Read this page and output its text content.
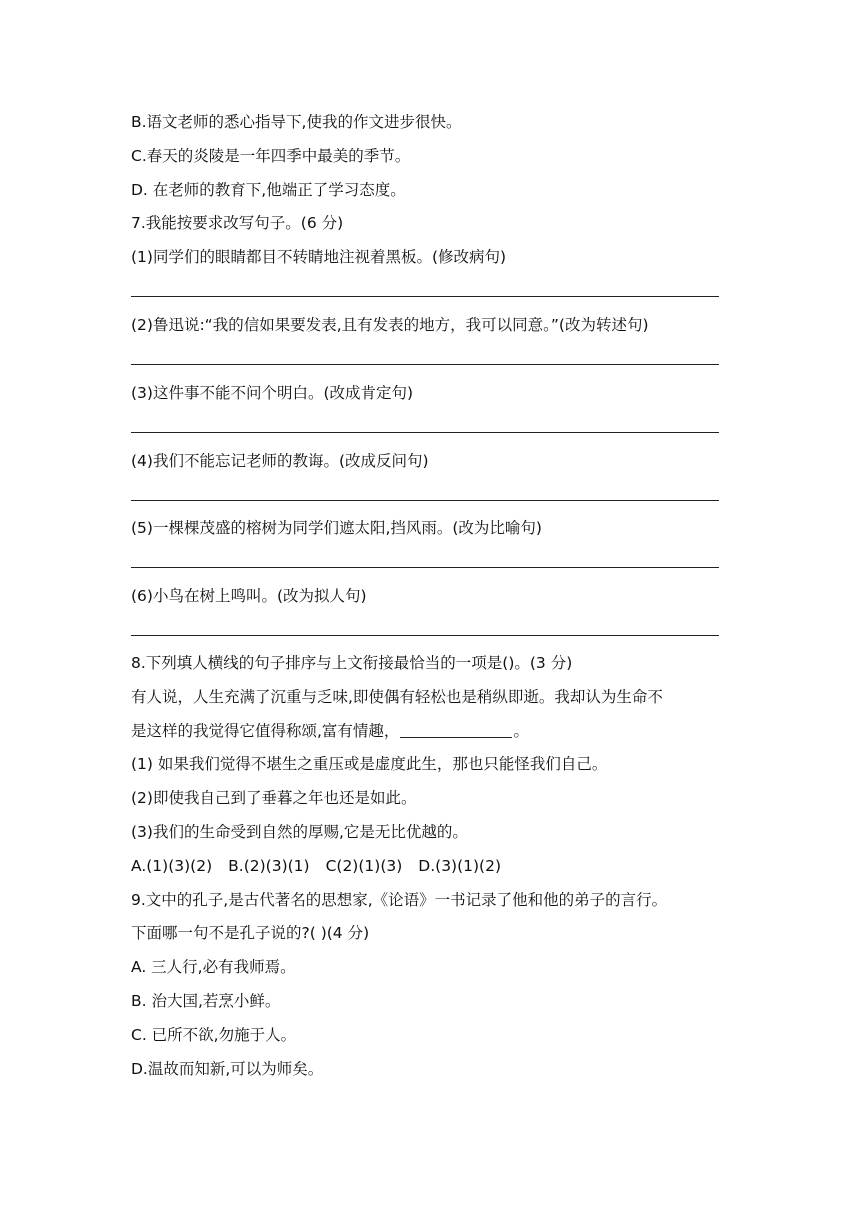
B.语文老师的悉心指导下,使我的作文进步很快。
C.春天的炎陵是一年四季中最美的季节。
D. 在老师的教育下,他端正了学习态度。
7.我能按要求改写句子。(6 分)
(1)同学们的眼睛都目不转睛地注视着黑板。(修改病句)
(2)鲁迅说:“我的信如果要发表,且有发表的地方，我可以同意。”(改为转述句)
(3)这件事不能不问个明白。(改成肯定句)
(4)我们不能忘记老师的教诲。(改成反问句)
(5)一棵棵茂盛的榕树为同学们遮太阳,挡风雨。(改为比喻句)
(6)小鸟在树上鸣叫。(改为拟人句)
8.下列填人横线的句子排序与上文衔接最恰当的一项是()。(3 分)
有人说，人生充满了沉重与乏味,即使偶有轻松也是稍纵即逝。我却认为生命不
是这样的我觉得它值得称颂,富有情趣，	。
(1) 如果我们觉得不堪生之重压或是虚度此生，那也只能怪我们自己。
(2)即使我自己到了垂暮之年也还是如此。
(3)我们的生命受到自然的厚赐,它是无比优越的。
A.(1)(3)(2) B.(2)(3)(1) C(2)(1)(3) D.(3)(1)(2)
9.文中的孔子,是古代著名的思想家,《论语》一书记录了他和他的弟子的言行。
下面哪一句不是孔子说的?( )(4 分)
A. 三人行,必有我师焉。
B. 治大国,若烹小鲜。
C. 已所不欲,勿施于人。
D.温故而知新,可以为师矣。
